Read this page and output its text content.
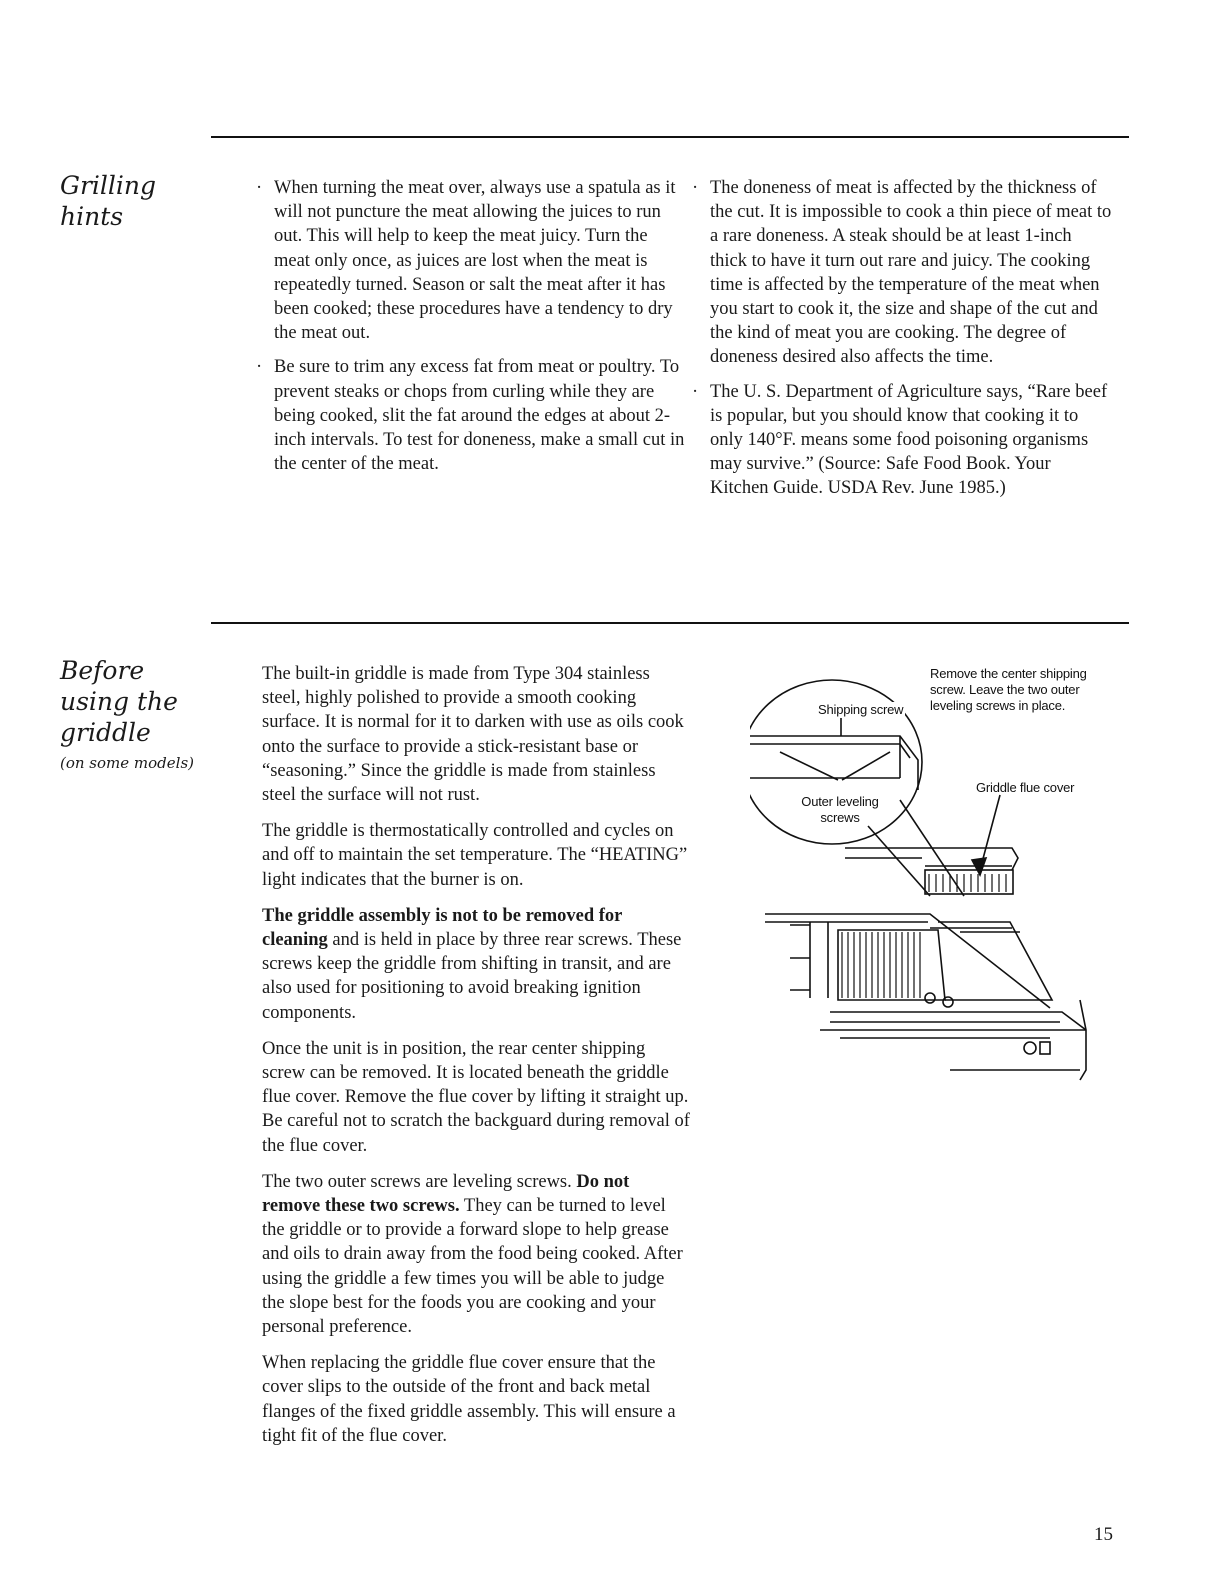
Grilling
hints
· When turning the meat over, always use a spatula as it will not puncture the meat allowing the juices to run out. This will help to keep the meat juicy. Turn the meat only once, as juices are lost when the meat is repeatedly turned. Season or salt the meat after it has been cooked; these procedures have a tendency to dry the meat out.
· Be sure to trim any excess fat from meat or poultry. To prevent steaks or chops from curling while they are being cooked, slit the fat around the edges at about 2-inch intervals. To test for doneness, make a small cut in the center of the meat.
· The doneness of meat is affected by the thickness of the cut. It is impossible to cook a thin piece of meat to a rare doneness. A steak should be at least 1-inch thick to have it turn out rare and juicy. The cooking time is affected by the temperature of the meat when you start to cook it, the size and shape of the cut and the kind of meat you are cooking. The degree of doneness desired also affects the time.
· The U. S. Department of Agriculture says, “Rare beef is popular, but you should know that cooking it to only 140°F. means some food poisoning organisms may survive.” (Source: Safe Food Book. Your Kitchen Guide. USDA Rev. June 1985.)
Before
using the
griddle
(on some models)

The built-in griddle is made from Type 304 stainless steel, highly polished to provide a smooth cooking surface. It is normal for it to darken with use as oils cook onto the surface to provide a stick-resistant base or “seasoning.” Since the griddle is made from stainless steel the surface will not rust.

The griddle is thermostatically controlled and cycles on and off to maintain the set temperature. The “HEATING” light indicates that the burner is on.

The griddle assembly is not to be removed for cleaning and is held in place by three rear screws. These screws keep the griddle from shifting in transit, and are also used for positioning to avoid breaking ignition components.

Once the unit is in position, the rear center shipping screw can be removed. It is located beneath the griddle flue cover. Remove the flue cover by lifting it straight up. Be careful not to scratch the backguard during removal of the flue cover.

The two outer screws are leveling screws. Do not remove these two screws. They can be turned to level the griddle or to provide a forward slope to help grease and oils to drain away from the food being cooked. After using the griddle a few times you will be able to judge the slope best for the foods you are cooking and your personal preference.

When replacing the griddle flue cover ensure that the cover slips to the outside of the front and back metal flanges of the fixed griddle assembly. This will ensure a tight fit of the flue cover.

Remove the center shipping screw. Leave the two outer leveling screws in place.
Shipping screw
Outer leveling
screws
Griddle flue cover
15
